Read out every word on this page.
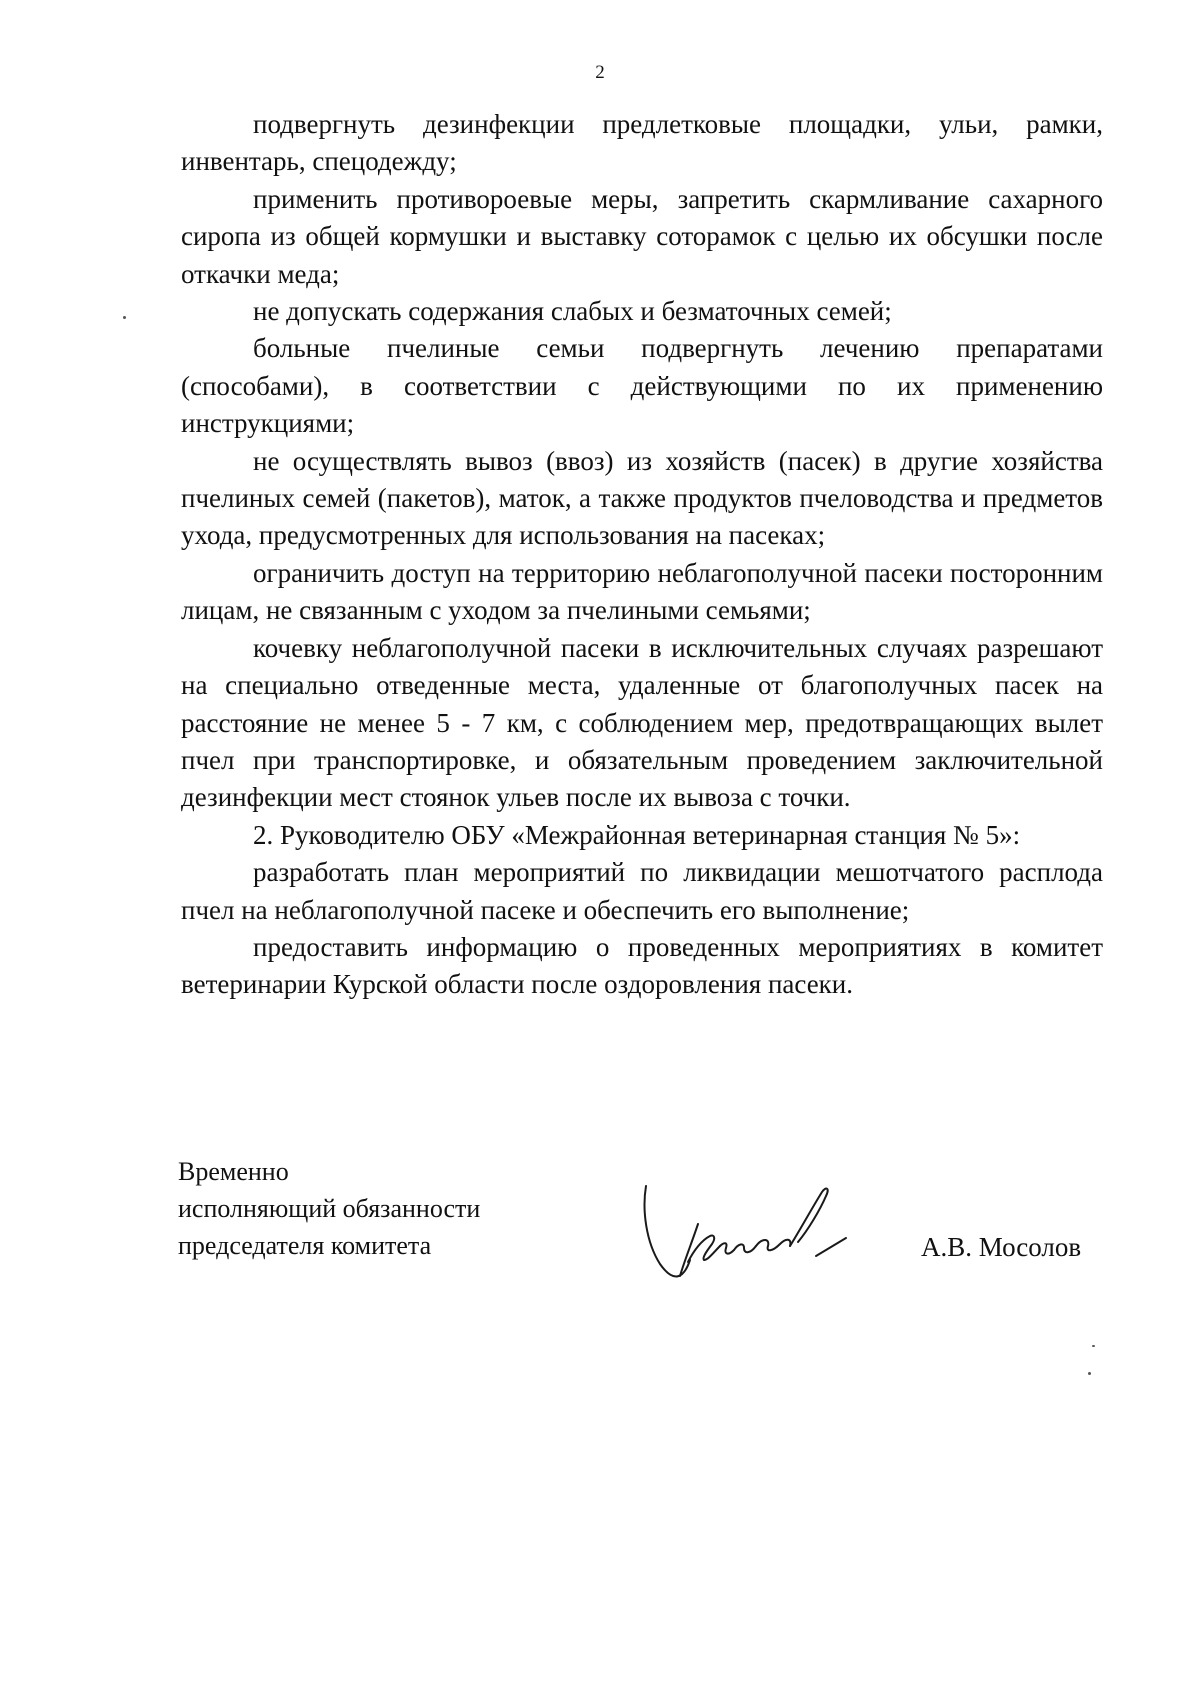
2

подвергнуть дезинфекции предлетковые площадки, ульи, рамки, инвентарь, спецодежду;

применить противороевые меры, запретить скармливание сахарного сиропа из общей кормушки и выставку соторамок с целью их обсушки после откачки меда;

не допускать содержания слабых и безматочных семей;

больные пчелиные семьи подвергнуть лечению препаратами (способами), в соответствии с действующими по их применению инструкциями;

не осуществлять вывоз (ввоз) из хозяйств (пасек) в другие хозяйства пчелиных семей (пакетов), маток, а также продуктов пчеловодства и предметов ухода, предусмотренных для использования на пасеках;

ограничить доступ на территорию неблагополучной пасеки посторонним лицам, не связанным с уходом за пчелиными семьями;

кочевку неблагополучной пасеки в исключительных случаях разрешают на специально отведенные места, удаленные от благополучных пасек на расстояние не менее 5 - 7 км, с соблюдением мер, предотвращающих вылет пчел при транспортировке, и обязательным проведением заключительной дезинфекции мест стоянок ульев после их вывоза с точки.

2. Руководителю ОБУ «Межрайонная ветеринарная станция № 5»:

разработать план мероприятий по ликвидации мешотчатого расплода пчел на неблагополучной пасеке и обеспечить его выполнение;

предоставить информацию о проведенных мероприятиях в комитет ветеринарии Курской области после оздоровления пасеки.

Временно
исполняющий обязанности
председателя комитета	А.В. Мосолов
